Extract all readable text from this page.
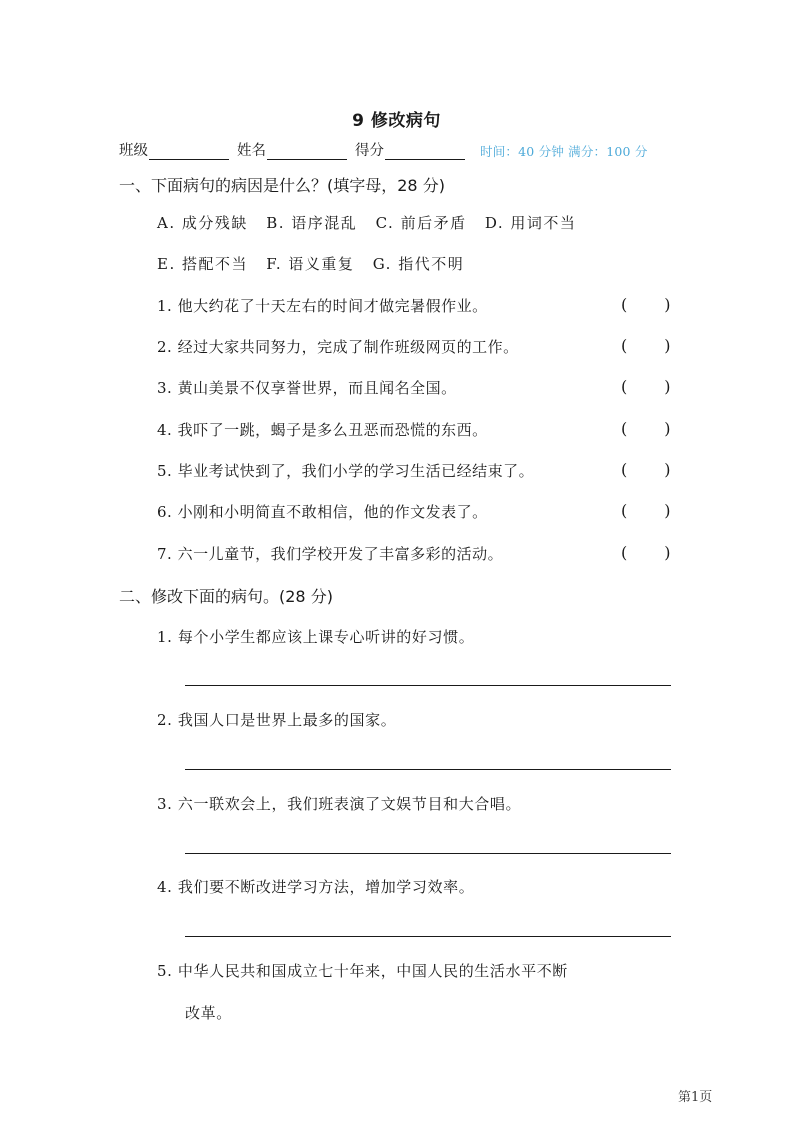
9 修改病句
班级	姓名	得分	时间：40 分钟 满分：100 分
一、下面病句的病因是什么？(填字母，28 分)
A. 成分残缺 B. 语序混乱 C. 前后矛盾 D. 用词不当
E. 搭配不当 F. 语义重复 G. 指代不明
1. 他大约花了十天左右的时间才做完暑假作业。	( )
2. 经过大家共同努力，完成了制作班级网页的工作。	( )
3. 黄山美景不仅享誉世界，而且闻名全国。	( )
4. 我吓了一跳，蝎子是多么丑恶而恐慌的东西。	( )
5. 毕业考试快到了，我们小学的学习生活已经结束了。	( )
6. 小刚和小明简直不敢相信，他的作文发表了。	( )
7. 六一儿童节，我们学校开发了丰富多彩的活动。	( )
二、修改下面的病句。(28 分)
1. 每个小学生都应该上课专心听讲的好习惯。
2. 我国人口是世界上最多的国家。
3. 六一联欢会上，我们班表演了文娱节目和大合唱。
4. 我们要不断改进学习方法，增加学习效率。
5. 中华人民共和国成立七十年来，中国人民的生活水平不断
改革。
第1页
